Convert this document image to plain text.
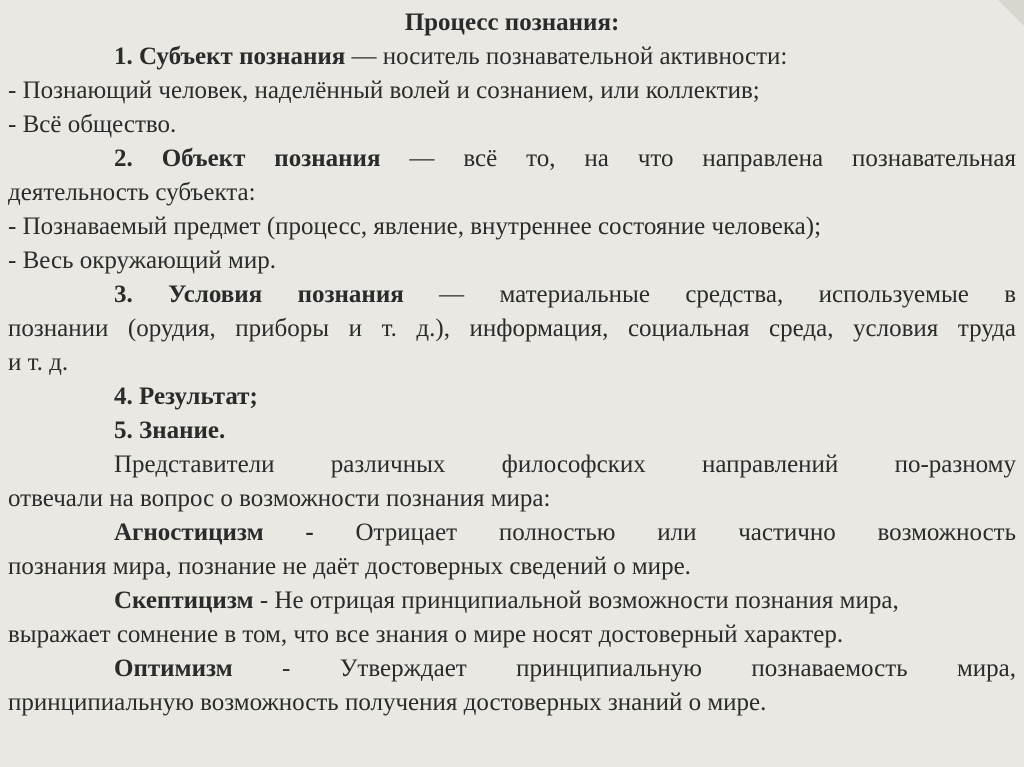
Процесс познания:
1. Субъект познания — носитель познавательной активности:
- Познающий человек, наделённый волей и сознанием, или коллектив;
- Всё общество.
2. Объект познания — всё то, на что направлена познавательная
деятельность субъекта:
- Познаваемый предмет (процесс, явление, внутреннее состояние человека);
- Весь окружающий мир.
3. Условия познания — материальные средства, используемые в
познании (орудия, приборы и т. д.), информация, социальная среда, условия труда
и т. д.
4. Результат;
5. Знание.
Представители различных философских направлений по-разному
отвечали на вопрос о возможности познания мира:
Агностицизм - Отрицает полностью или частично возможность
познания мира, познание не даёт достоверных сведений о мире.
Скептицизм - Не отрицая принципиальной возможности познания мира,
выражает сомнение в том, что все знания о мире носят достоверный характер.
Оптимизм - Утверждает принципиальную познаваемость мира,
принципиальную возможность получения достоверных знаний о мире.
